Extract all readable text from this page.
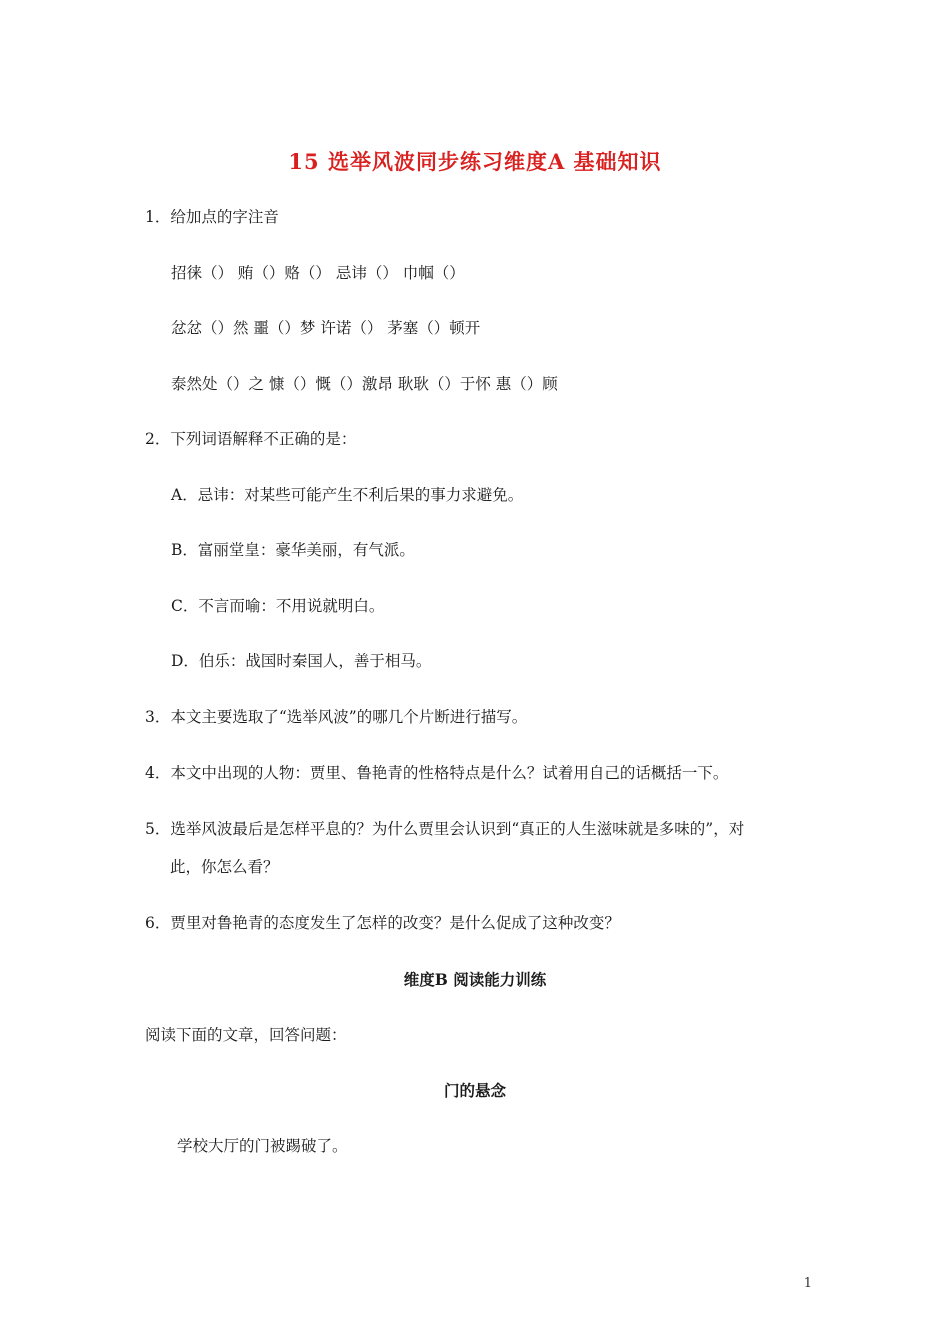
15 选举风波同步练习维度A 基础知识
1．给加点的字注音
招徕（） 贿（）赂（） 忌讳（） 巾帼（）
忿忿（）然 噩（）梦 许诺（） 茅塞（）顿开
泰然处（）之 慷（）慨（）激昂 耿耿（）于怀 惠（）顾
2．下列词语解释不正确的是：
A．忌讳：对某些可能产生不利后果的事力求避免。
B．富丽堂皇：豪华美丽，有气派。
C．不言而喻：不用说就明白。
D．伯乐：战国时秦国人，善于相马。
3．本文主要选取了“选举风波”的哪几个片断进行描写。
4．本文中出现的人物：贾里、鲁艳青的性格特点是什么？试着用自己的话概括一下。
5．选举风波最后是怎样平息的？为什么贾里会认识到“真正的人生滋味就是多味的”，对
此，你怎么看？
6．贾里对鲁艳青的态度发生了怎样的改变？是什么促成了这种改变？
维度B 阅读能力训练
阅读下面的文章，回答问题：
门的悬念
学校大厅的门被踢破了。
1
